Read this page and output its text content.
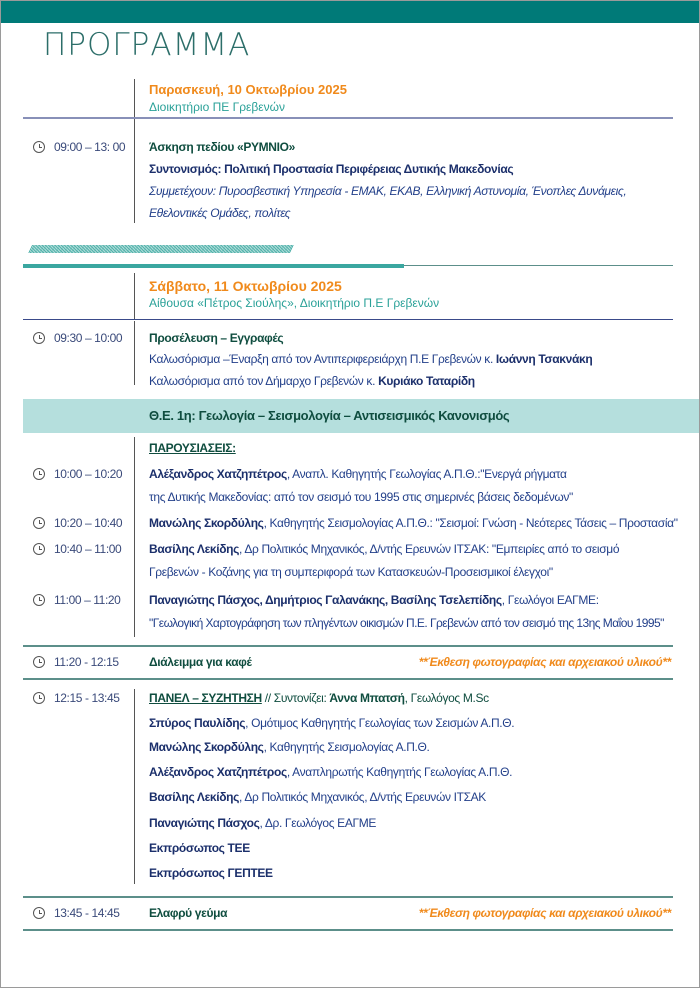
ΠΡΟΓΡΑΜΜΑ
Παρασκευή, 10 Οκτωβρίου 2025
Διοικητήριο ΠΕ Γρεβενών
09:00 – 13: 00 Άσκηση πεδίου «ΡΥΜΝΙΟ»
Συντονισμός: Πολιτική Προστασία Περιφέρειας Δυτικής Μακεδονίας
Συμμετέχουν: Πυροσβεστική Υπηρεσία - ΕΜΑΚ, ΕΚΑΒ, Ελληνική Αστυνομία, Ένοπλες Δυνάμεις,
Εθελοντικές Ομάδες, πολίτες
////////////////////////////////////////////////////////////////////////////////////////////////////////////////////////////////////////////////////////////////////////////////////
Σάββατο, 11 Οκτωβρίου 2025
Αίθουσα «Πέτρος Σιούλης», Διοικητήριο Π.Ε Γρεβενών
09:30 – 10:00 Προσέλευση – Εγγραφές
Καλωσόρισμα –Έναρξη από τον Αντιπεριφερειάρχη Π.Ε Γρεβενών κ. Ιωάννη Τσακνάκη
Καλωσόρισμα από τον Δήμαρχο Γρεβενών κ. Κυριάκο Ταταρίδη
Θ.Ε. 1η: Γεωλογία – Σεισμολογία – Αντισεισμικός Κανονισμός
ΠΑΡΟΥΣΙΑΣΕΙΣ:
10:00 – 10:20 Αλέξανδρος Χατζηπέτρος, Αναπλ. Καθηγητής Γεωλογίας Α.Π.Θ.:"Ενεργά ρήγματα
της Δυτικής Μακεδονίας: από τον σεισμό του 1995 στις σημερινές βάσεις δεδομένων"
10:20 – 10:40 Μανώλης Σκορδύλης, Καθηγητής Σεισμολογίας Α.Π.Θ.: "Σεισμοί: Γνώση - Νεότερες Τάσεις – Προστασία"
10:40 – 11:00 Βασίλης Λεκίδης, Δρ Πολιτικός Μηχανικός, Δ/ντής Ερευνών ΙΤΣΑΚ: "Εμπειρίες από το σεισμό
Γρεβενών - Κοζάνης για τη συμπεριφορά των Κατασκευών-Προσεισμικοί έλεγχοι"
11:00 – 11:20 Παναγιώτης Πάσχος, Δημήτριος Γαλανάκης, Βασίλης Τσελεπίδης, Γεωλόγοι ΕΑΓΜΕ:
"Γεωλογική Χαρτογράφηση των πληγέντων οικισμών Π.Ε. Γρεβενών από τον σεισμό της 13ης Μαΐου 1995"
11:20 - 12:15	Διάλειμμα για καφέ	**Έκθεση φωτογραφίας και αρχειακού υλικού**
12:15 - 13:45 ΠΑΝΕΛ – ΣΥΖΗΤΗΣΗ // Συντονίζει: Άννα Μπατσή, Γεωλόγος M.Sc
Σπύρος Παυλίδης, Ομότιμος Καθηγητής Γεωλογίας των Σεισμών Α.Π.Θ.
Μανώλης Σκορδύλης, Καθηγητής Σεισμολογίας Α.Π.Θ.
Αλέξανδρος Χατζηπέτρος, Αναπληρωτής Καθηγητής Γεωλογίας Α.Π.Θ.
Βασίλης Λεκίδης, Δρ Πολιτικός Μηχανικός, Δ/ντής Ερευνών ΙΤΣΑΚ
Παναγιώτης Πάσχος, Δρ. Γεωλόγος ΕΑΓΜΕ
Εκπρόσωπος ΤΕΕ
Εκπρόσωπος ΓΕΠΤΕΕ
13:45 - 14:45 Ελαφρύ γεύμα	**Έκθεση φωτογραφίας και αρχειακού υλικού**
